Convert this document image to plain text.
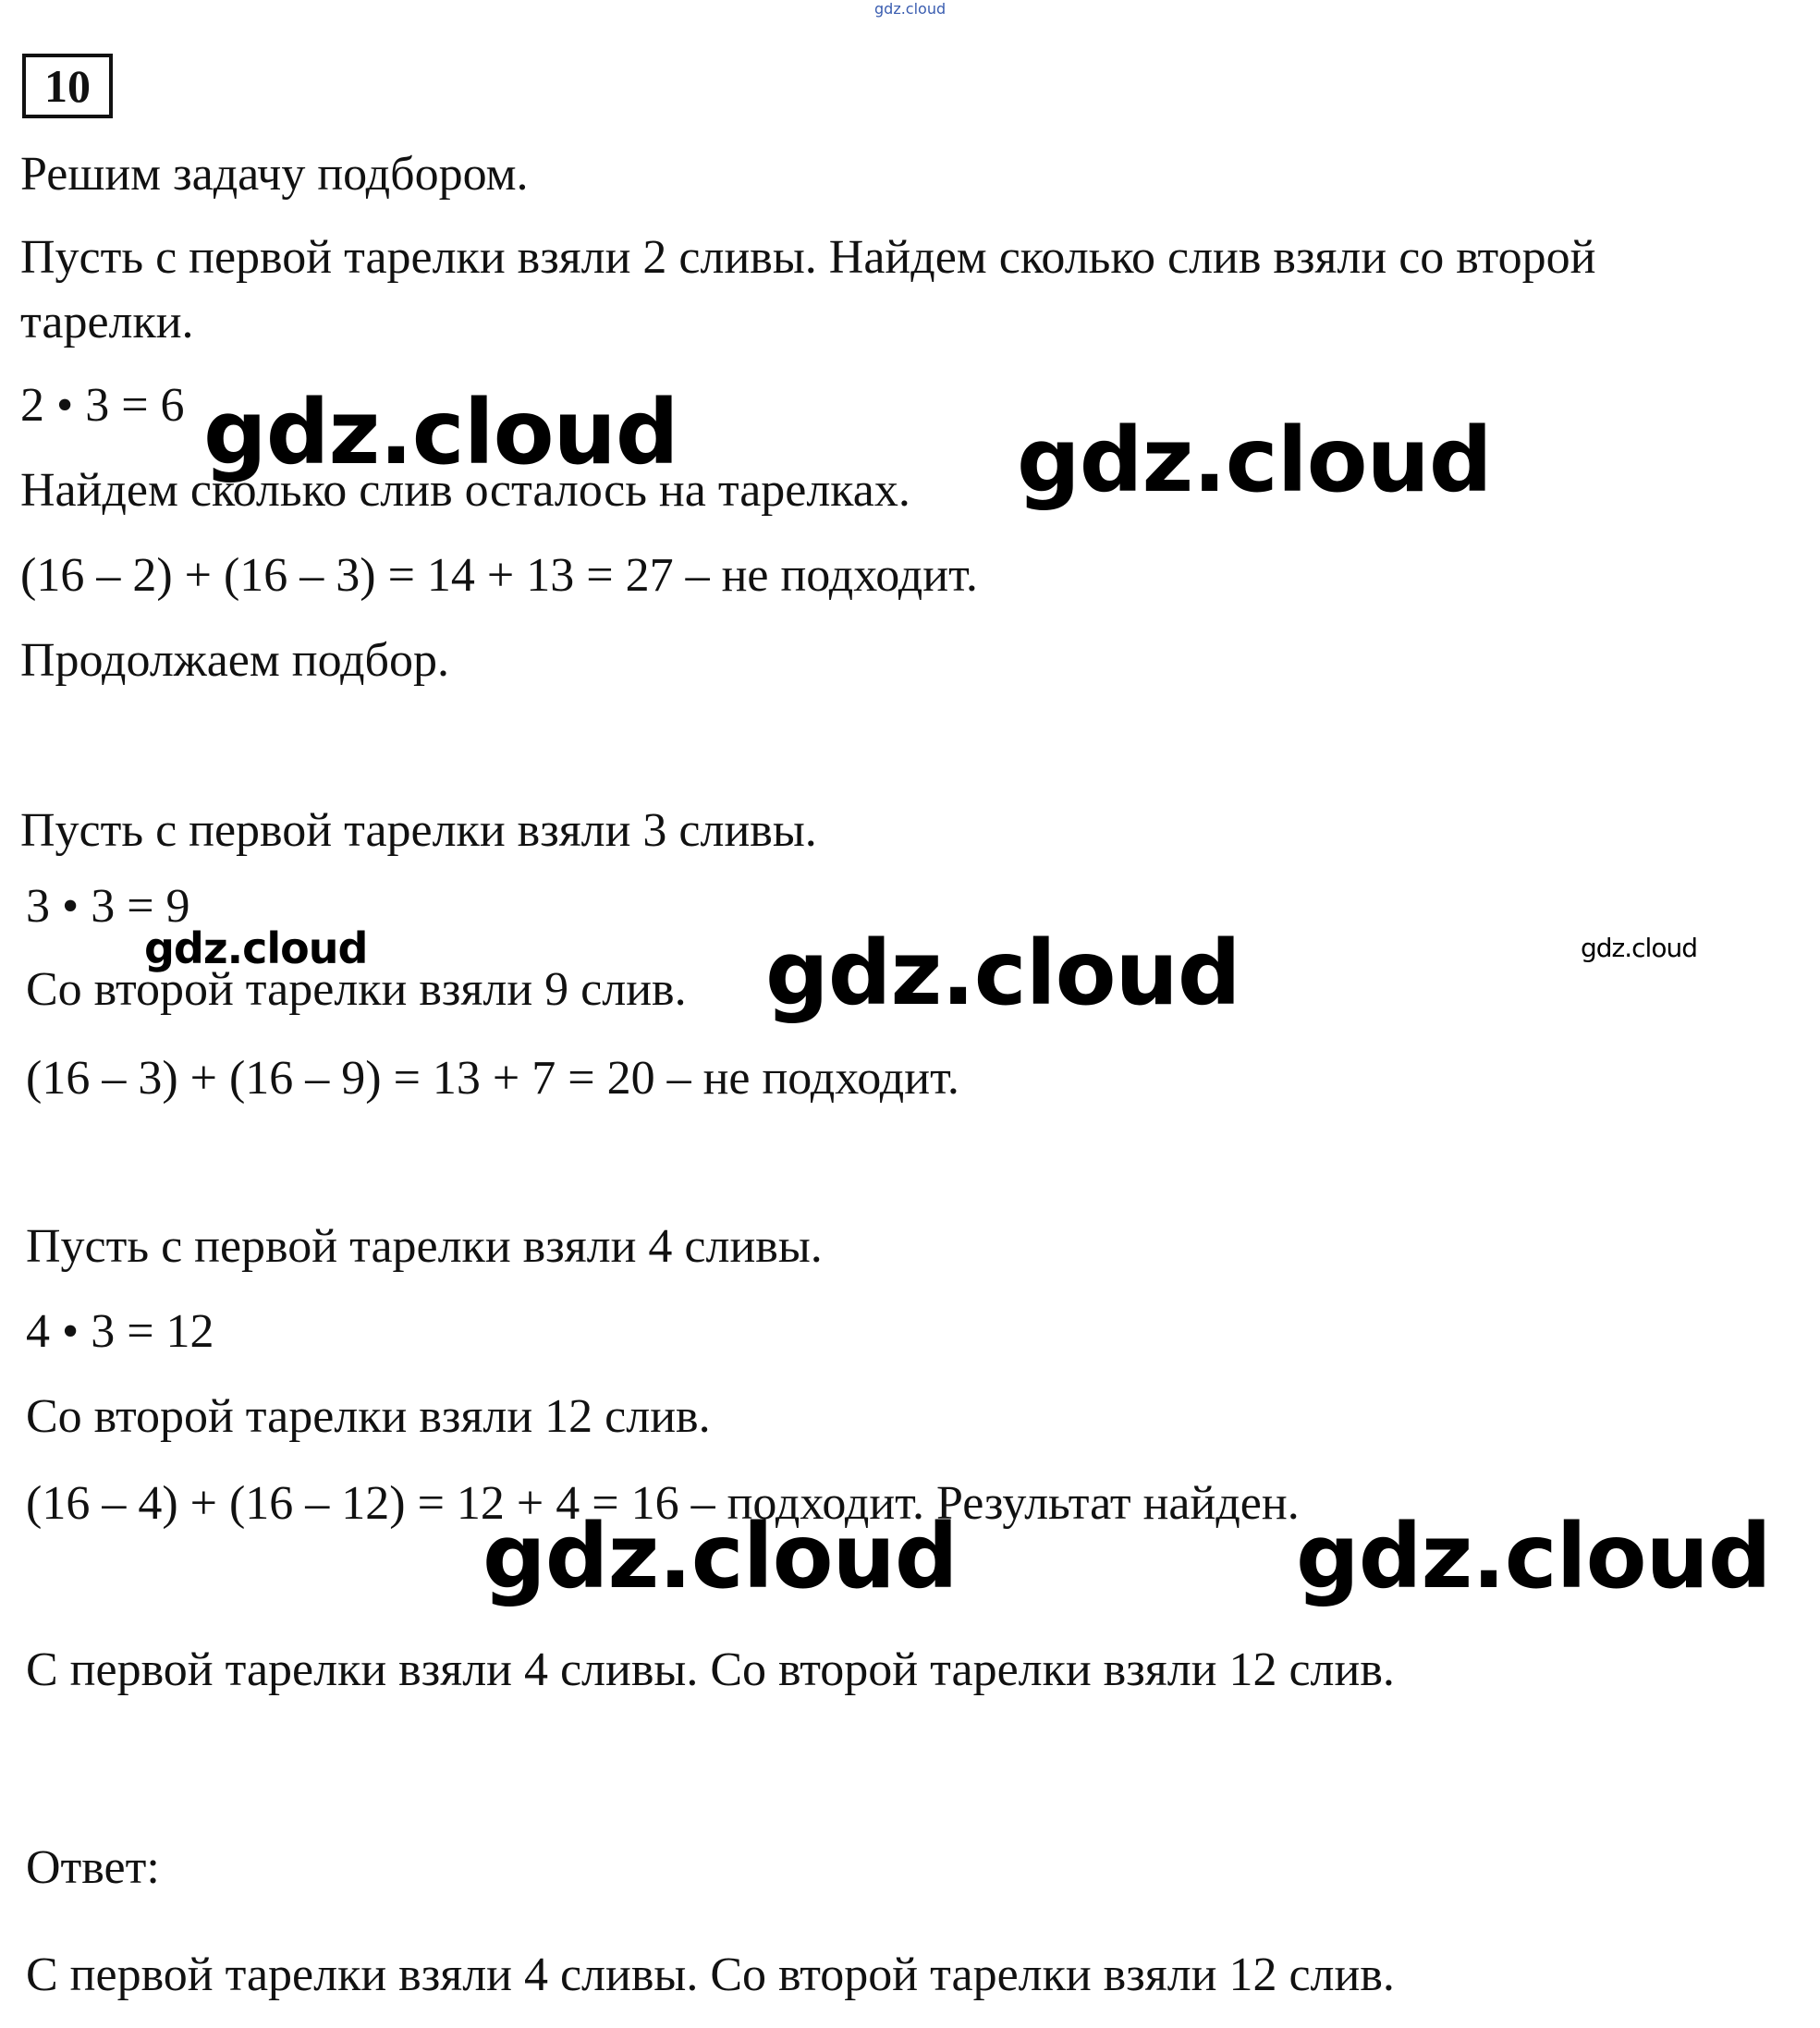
gdz.cloud
10
Решим задачу подбором.
Пусть с первой тарелки взяли 2 сливы. Найдем сколько слив взяли со второй
тарелки.
2 • 3 = 6
Найдем сколько слив осталось на тарелках.
(16 – 2) + (16 – 3) = 14 + 13 = 27 – не подходит.
Продолжаем подбор.
Пусть с первой тарелки взяли 3 сливы.
3 • 3 = 9
Со второй тарелки взяли 9 слив.
(16 – 3) + (16 – 9) = 13 + 7 = 20 – не подходит.
Пусть с первой тарелки взяли 4 сливы.
4 • 3 = 12
Со второй тарелки взяли 12 слив.
(16 – 4) + (16 – 12) = 12 + 4 = 16 – подходит. Результат найден.
С первой тарелки взяли 4 сливы. Со второй тарелки взяли 12 слив.
Ответ:
С первой тарелки взяли 4 сливы. Со второй тарелки взяли 12 слив.
gdz.cloud	gdz.cloud
gdz.cloud	gdz.cloud	gdz.cloud
gdz.cloud	gdz.cloud
